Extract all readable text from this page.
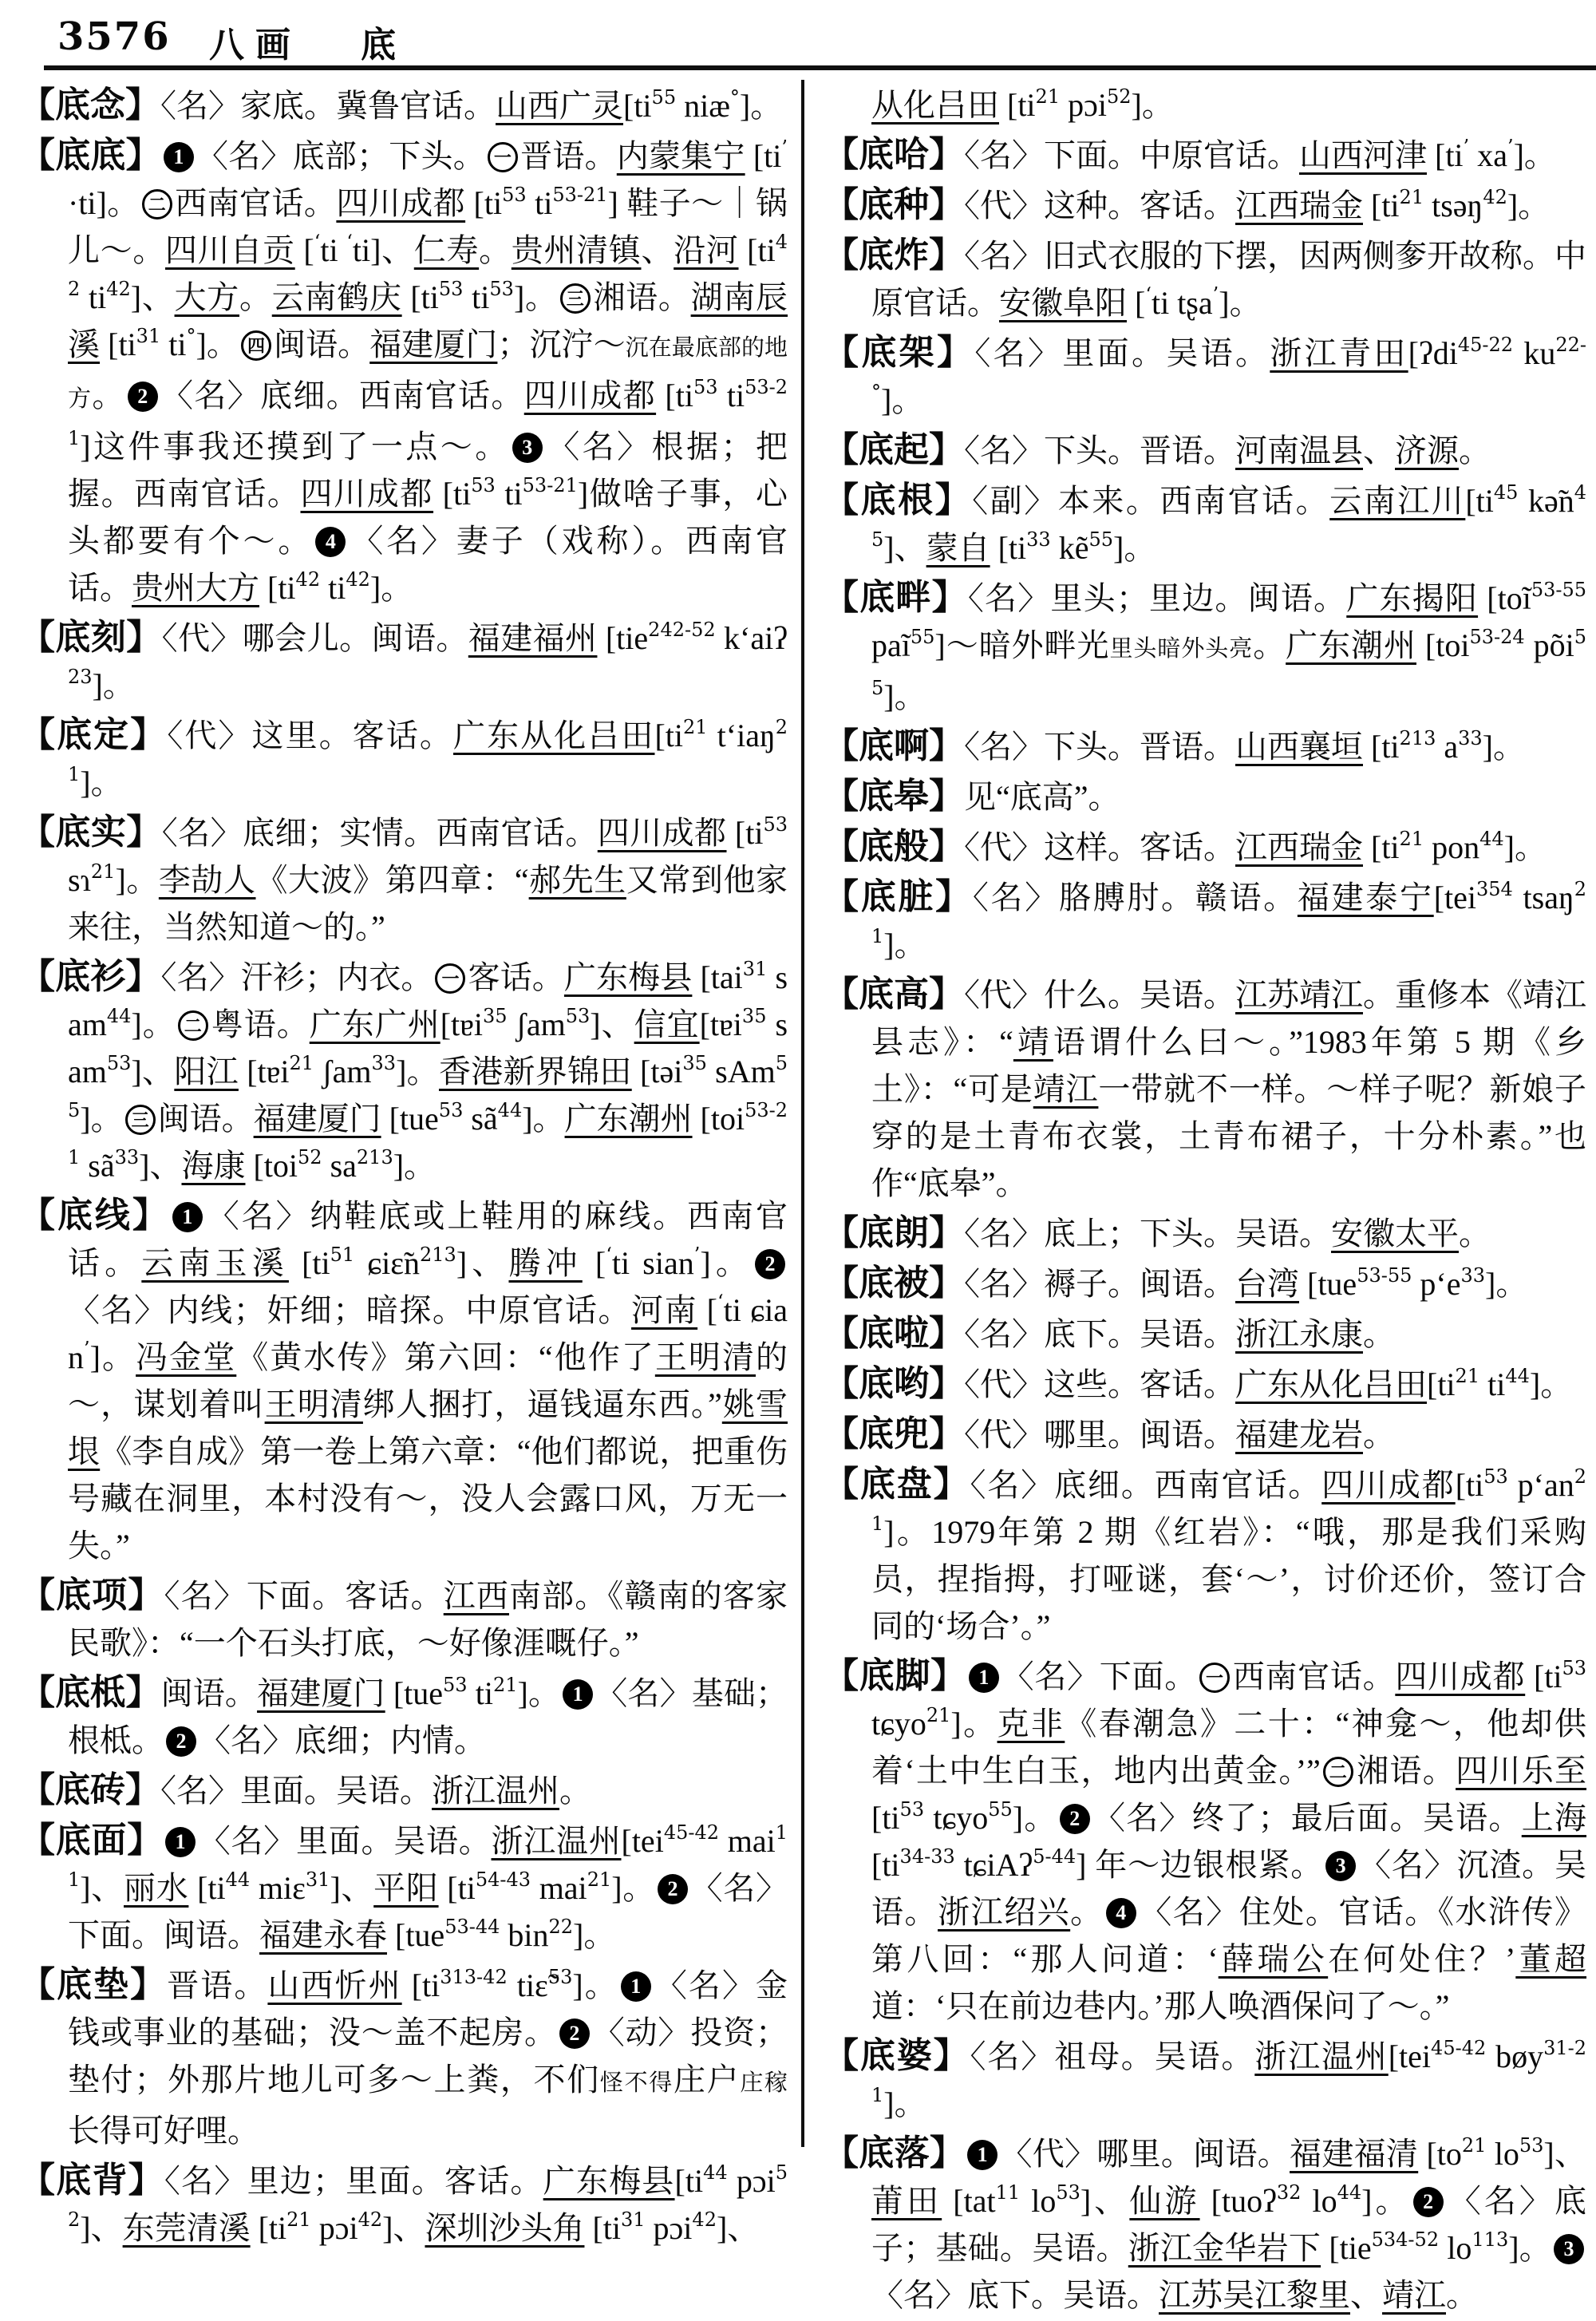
3576 八画 底
【底念】〈名〉家底。冀鲁官话。山西广灵[$ti^{55}$ niæ°]。
【底底】 1 〈名〉底部；下头。 一 晋语。内蒙集宁 [ti’ ·ti]。 二 西南官话。四川成都 [$ti^{53}$ $ti^{53-21}$] 鞋子～｜锅儿～。四川自贡 [‘ti ‘ti]、仁寿。贵州清镇、沿河 [$ti^{42}$ $ti^{42}$]、大方。云南鹤庆 [$ti^{53}$ $ti^{53}$]。 三 湘语。湖南辰溪 [$ti^{31}$ ti°]。 四 闽语。福建厦门；沉泞～沉在最底部的地方。 2 〈名〉底细。西南官话。四川成都 [$ti^{53}$ $ti^{53-21}$]这件事我还摸到了一点～。 3 〈名〉根据；把握。西南官话。四川成都 [$ti^{53}$ $ti^{53-21}$]做啥子事，心头都要有个～。 4 〈名〉妻子（戏称）。西南官话。贵州大方 [$ti^{42}$ $ti^{42}$]。
【底刻】〈代〉哪会儿。闽语。福建福州 [tie$^{242-52}$ k‘aiʔ$^{23}$]。
【底定】〈代〉这里。客话。广东从化吕田[$ti^{21}$ t‘iaŋ$^{21}$]。
【底实】〈名〉底细；实情。西南官话。四川成都 [$ti^{53}$ sɿ$^{21}$]。李劼人《大波》第四章：“郝先生又常到他家来往，当然知道～的。”
【底衫】〈名〉汗衫；内衣。 一 客话。广东梅县 [tai$^{31}$ sam$^{44}$]。 二 粤语。广东广州[tɐi$^{35}$ ʃam$^{53}$]、信宜[tɐi$^{35}$ sam$^{53}$]、阳江 [tɐi$^{21}$ ʃam$^{33}$]。香港新界锦田 [təi$^{35}$ sAm$^{55}$]。 三 闽语。福建厦门 [tue$^{53}$ $sã^{44}$]。广东潮州 [toi$^{53-21}$ $sã^{33}$]、海康 [toi$^{52}$ $sa^{213}$]。
【底线】 1 〈名〉纳鞋底或上鞋用的麻线。西南官话。云南玉溪 [$ti^{51}$ $ɕiɛ̃n^{213}$]、腾冲 [‘ti sian’]。 2〈名〉内线；奸细；暗探。中原官话。河南 [‘ti ɕian’]。冯金堂《黄水传》第六回：“他作了王明清的～，谋划着叫王明清绑人捆打，逼钱逼东西。”姚雪垠《李自成》第一卷上第六章：“他们都说，把重伤号藏在洞里，本村没有～，没人会露口风，万无一失。”
【底项】〈名〉下面。客话。江西南部。《赣南的客家民歌》：“一个石头打底，～好像涯嘅仔。”
【底柢】闽语。福建厦门 [tue$^{53}$ $ti^{21}$]。 1 〈名〉基础；根柢。 2 〈名〉底细；内情。
【底砖】〈名〉里面。吴语。浙江温州。
【底面】 1 〈名〉里面。吴语。浙江温州[tei$^{45-42}$ mai$^{11}$]、丽水 [$ti^{44}$ miɛ$^{31}$]、平阳 [$ti^{54-43}$ mai$^{21}$]。 2 〈名〉下面。闽语。福建永春 [tue$^{53-44}$ bin$^{22}$]。
【底垫】晋语。山西忻州 [$ti^{313-42}$ tiɛ̃$^{53}$]。 1 〈名〉金钱或事业的基础；没～盖不起房。 2 〈动〉投资；垫付；外那片地儿可多～上粪，不们怪不得庄户庄稼长得可好哩。
【底背】〈名〉里边；里面。客话。广东梅县[$ti^{44}$ pɔi$^{52}$]、东莞清溪 [$ti^{21}$ pɔi$^{42}$]、深圳沙头角 [$ti^{31}$ pɔi$^{42}$]、
从化吕田 [$ti^{21}$ pɔi$^{52}$]。
【底哈】〈名〉下面。中原官话。山西河津 [ti’ xa’]。
【底种】〈代〉这种。客话。江西瑞金 [$ti^{21}$ tsəŋ$^{42}$]。
【底炸】〈名〉旧式衣服的下摆，因两侧奓开故称。中原官话。安徽阜阳 [‘ti tʂa’]。
【底架】〈名〉里面。吴语。浙江青田[ʔdi$^{45-22}$ $ku^{22-^\circ}$]。
【底起】〈名〉下头。晋语。河南温县、济源。
【底根】〈副〉本来。西南官话。云南江川[$ti^{45}$ $kə̃n^{45}$]、蒙自 [$ti^{33}$ kẽ$^{55}$]。
【底畔】〈名〉里头；里边。闽语。广东揭阳 [toĩ$^{53-55}$ paĩ$^{55}$]～暗外畔光里头暗外头亮。广东潮州 [toi$^{53-24}$ põi$^{55}$]。
【底啊】〈名〉下头。晋语。山西襄垣 [$ti^{213}$ $a^{33}$]。
【底皋】见“底高”。
【底般】〈代〉这样。客话。江西瑞金 [$ti^{21}$ pon$^{44}$]。
【底脏】〈名〉胳膊肘。赣语。福建泰宁[tei$^{354}$ tsaŋ$^{21}$]。
【底高】〈代〉什么。吴语。江苏靖江。重修本《靖江县志》：“靖语谓什么曰～。”1983年第 5 期《乡土》：“可是靖江一带就不一样。～样子呢？新娘子穿的是土青布衣裳，土青布裙子，十分朴素。”也作“底皋”。
【底朗】〈名〉底上；下头。吴语。安徽太平。
【底被】〈名〉褥子。闽语。台湾 [tue$^{53-55}$ $p‘e^{33}$]。
【底啦】〈名〉底下。吴语。浙江永康。
【底哟】〈代〉这些。客话。广东从化吕田[$ti^{21}$ $ti^{44}$]。
【底兜】〈代〉哪里。闽语。福建龙岩。
【底盘】〈名〉底细。西南官话。四川成都[$ti^{53}$ $p‘an^{21}$]。1979年第 2 期《红岩》：“哦，那是我们采购员，捏指拇，打哑谜，套‘～’，讨价还价，签订合同的‘场合’。”
【底脚】 1 〈名〉下面。 一 西南官话。四川成都 [$ti^{53}$ tɕyo$^{21}$]。克非《春潮急》二十：“神龛～，他却供着‘土中生白玉，地内出黄金。’” 二 湘语。四川乐至 [$ti^{53}$ tɕyo$^{55}$]。 2 〈名〉终了；最后面。吴语。上海 [$ti^{34-33}$ tɕiAʔ$^{5-44}$] 年～边银根紧。 3 〈名〉沉渣。吴语。浙江绍兴。 4 〈名〉住处。官话。《水浒传》第八回：“那人问道：‘薛瑞公在何处住？’董超道：‘只在前边巷内。’那人唤酒保问了～。”
【底婆】〈名〉祖母。吴语。浙江温州[tei$^{45-42}$ bøy$^{31-21}$]。
【底落】 1 〈代〉哪里。闽语。福建福清 [$to^{21}$ $lo^{53}$]、莆田 [tat$^{11}$ $lo^{53}$]、仙游 [tuoʔ$^{32}$ $lo^{44}$]。 2 〈名〉底子；基础。吴语。浙江金华岩下 [tie$^{534-52}$ $lo^{113}$]。 3〈名〉底下。吴语。江苏吴江黎里、靖江。
